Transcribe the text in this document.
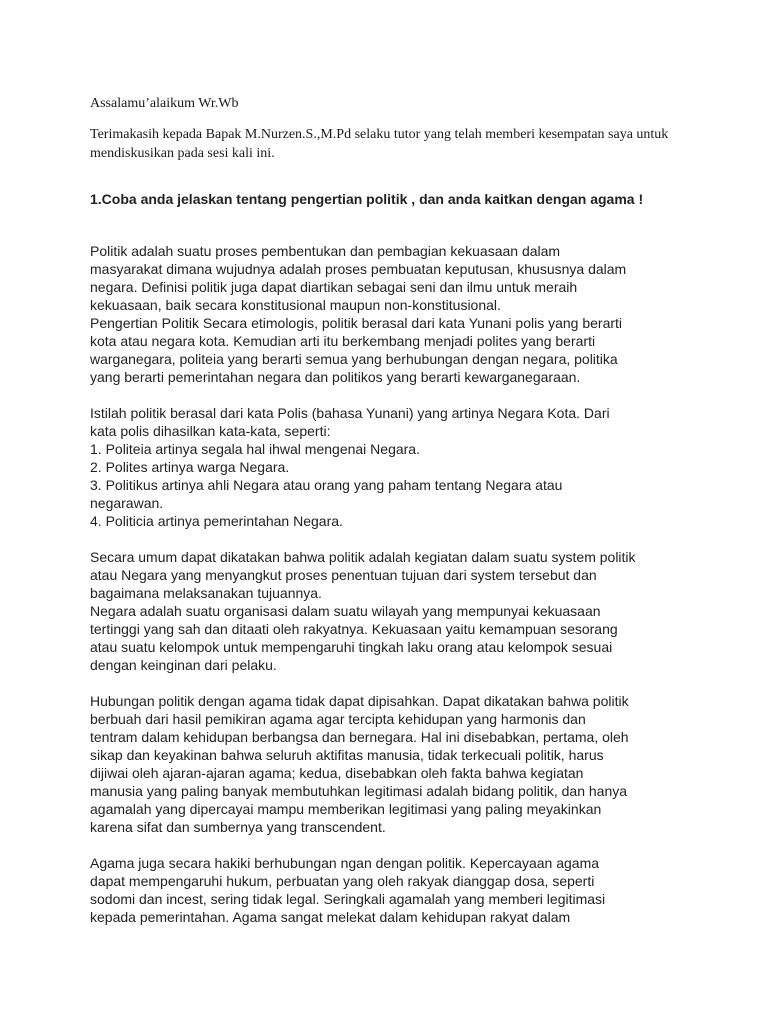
Assalamu’alaikum Wr.Wb
Terimakasih kepada Bapak M.Nurzen.S.,M.Pd selaku tutor yang telah memberi kesempatan saya untuk mendiskusikan pada sesi kali ini.
1.Coba anda jelaskan tentang pengertian politik , dan anda kaitkan dengan agama !
Politik adalah suatu proses pembentukan dan pembagian kekuasaan dalam
masyarakat dimana wujudnya adalah proses pembuatan keputusan, khususnya dalam
negara. Definisi politik juga dapat diartikan sebagai seni dan ilmu untuk meraih
kekuasaan, baik secara konstitusional maupun non-konstitusional.
Pengertian Politik Secara etimologis, politik berasal dari kata Yunani polis yang berarti
kota atau negara kota. Kemudian arti itu berkembang menjadi polites yang berarti
warganegara, politeia yang berarti semua yang berhubungan dengan negara, politika
yang berarti pemerintahan negara dan politikos yang berarti kewarganegaraan.
Istilah politik berasal dari kata Polis (bahasa Yunani) yang artinya Negara Kota. Dari
kata polis dihasilkan kata-kata, seperti:
1. Politeia artinya segala hal ihwal mengenai Negara.
2. Polites artinya warga Negara.
3. Politikus artinya ahli Negara atau orang yang paham tentang Negara atau
negarawan.
4. Politicia artinya pemerintahan Negara.
Secara umum dapat dikatakan bahwa politik adalah kegiatan dalam suatu system politik
atau Negara yang menyangkut proses penentuan tujuan dari system tersebut dan
bagaimana melaksanakan tujuannya.
Negara adalah suatu organisasi dalam suatu wilayah yang mempunyai kekuasaan
tertinggi yang sah dan ditaati oleh rakyatnya. Kekuasaan yaitu kemampuan sesorang
atau suatu kelompok untuk mempengaruhi tingkah laku orang atau kelompok sesuai
dengan keinginan dari pelaku.
Hubungan politik dengan agama tidak dapat dipisahkan. Dapat dikatakan bahwa politik
berbuah dari hasil pemikiran agama agar tercipta kehidupan yang harmonis dan
tentram dalam kehidupan berbangsa dan bernegara. Hal ini disebabkan, pertama, oleh
sikap dan keyakinan bahwa seluruh aktifitas manusia, tidak terkecuali politik, harus
dijiwai oleh ajaran-ajaran agama; kedua, disebabkan oleh fakta bahwa kegiatan
manusia yang paling banyak membutuhkan legitimasi adalah bidang politik, dan hanya
agamalah yang dipercayai mampu memberikan legitimasi yang paling meyakinkan
karena sifat dan sumbernya yang transcendent.
Agama juga secara hakiki berhubungan ngan dengan politik. Kepercayaan agama
dapat mempengaruhi hukum, perbuatan yang oleh rakyak dianggap dosa, seperti
sodomi dan incest, sering tidak legal. Seringkali agamalah yang memberi legitimasi
kepada pemerintahan. Agama sangat melekat dalam kehidupan rakyat dalam
